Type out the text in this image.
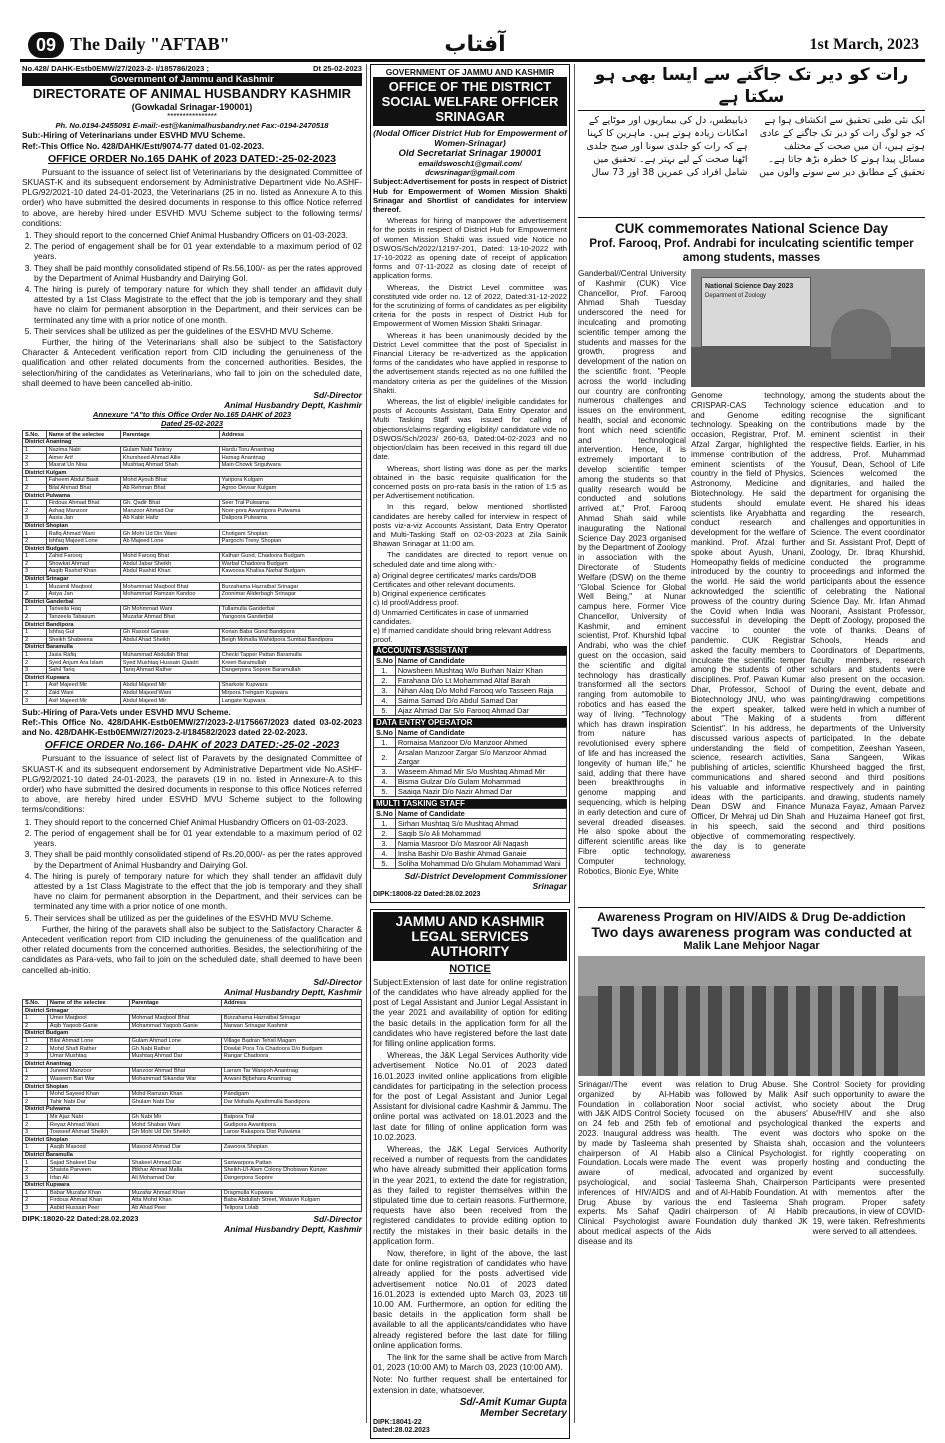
09 The Daily "AFTAB"	آفتاب	1st March, 2023
No.428/ DAHK-Estb0EMW/27/2023-2- I/185786/2023 ;	Dt 25-02-2023
Government of Jammu and Kashmir
DIRECTORATE OF ANIMAL HUSBANDRY KASHMIR
(Gowkadal Srinagar-190001)
****************
Ph. No.0194-2455091 E-mail:-est@kanimalhusbandry.net Fax:-0194-2470518
Sub:-Hiring of Veterinarians under ESVHD MVU Scheme.
Ref:-This Office No. 428/DAHK/Estt/9074-77 dated 01-02-2023.
OFFICE ORDER No.165 DAHK of 2023 DATED:-25-02-2023

Pursuant to the issuance of select list of Veterinarians by the designated Committee of SKUAST-K and its subsequent endorsement by Administrative Department vide No.ASHF-PLG/92/2021-10 dated 24-01-2023, the Veterinarians (25 in no. listed as Annexure A to this order) who have submitted the desired documents in response to this office Notice referred to above, are hereby hired under ESVHD MVU Scheme subject to the following terms/ conditions:

1. They should report to the concerned Chief Animal Husbandry Officers on 01-03-2023.
2. The period of engagement shall be for 01 year extendable to a maximum period of 02 years.
3. They shall be paid monthly consolidated stipend of Rs.56,100/- as per the rates approved by the Department of Animal Husbandry and Dairying GoI.
4. The hiring is purely of temporary nature for which they shall tender an affidavit duly attested by a 1st Class Magistrate to the effect that the job is temporary and they shall have no claim for permanent absorption in the Department, and their services can be terminated any time with a prior notice of one month.
5. Their services shall be utilized as per the guidelines of the ESVHD MVU Scheme.

Further, the hiring of the Veterinarians shall also be subject to the Satisfactory Character & Antecedent verification report from CID including the genuineness of the qualification and other related documents from the concerned authorities. Besides, the selection/hiring of the candidates as Veterinarians, who fail to join on the scheduled date, shall deemed to have been cancelled ab-initio.

Sd/-Director
Animal Husbandry Deptt, Kashmir
Annexure "A"to this Office Order No.165 DAHK of 2023
Dated 25-02-2023
S.No.	Name of the selectee	Parentage	Address
District Anantnag			
1	Nazima Nabi	Gulam Nabi Tantray	Hardu Toru Anantnag
2	Aimer Arif	Khursheed Ahmad Allie	Hamag Anantnag
3	Masrat Un Nisa	Mushtaq Ahmad Shah	Main Chowk Srigufwara
District Kulgam			
1	Faheem Abdul Basit	Mohd Ayoub Bhat	Yaripora Kulgam
2	Bilal Ahmad Bhat	Ab Rehman Bhat	Agroo Devsar Kulgam
District Pulwama			
1	Firdous Ahmad Bhat	Gh. Qadir Bhat	Seer Tral Pulwama
2	Ashaq Manzoor	Manzoor Ahmad Dar	Noor-pora Awantipora Pulwama
3	Aasia Jan	Ab Kabir Hafiz	Dalipora Pulwama
District Shopian			
1	Rafiq Ahmad Wani	Gh Mohi Ud Din Wani	Chotigam Shopian
2	Ishfaq Majeed Lone	Ab Majeed Lone	Pargochi Treny Shopian
District Budgam			
1	Zahid Farooq	Mohd Farooq Bhat	Kathair Gund, Chadoora Budgam
2	Showkat Ahmad	Abdul Jabar Sheikh	Warbal Chadoora Budgam
3	Aaqib Rashid Khan	Abdul Rashid Khan	Kawoosa Khalisa Narbal Budgam
District Srinagar			
1	Muzamil Maqbool	Mohammad Maqbool Bhat	Burzahama Hazratbal Srinagar
2	Asiya Jan	Mohammad Ramzan Kandoo	Zoonimar Aliderbagh Srinagar
District Ganderbal			
1	Tanveila Haq	Gh Mohmmad Wani	Tullamulla Ganderbal
2	Tanzeela Tabasum	Muzafar Ahmad Bhat	Yangoora Ganderbal
District Bandipora			
1	Ishfaq Gul	Gh Rasool Ganaie	Konan Baba Gund Bandipora
2	Sheikh Shabeena	Abdul Ahad Sheikh	Beigh Mohalla Wahidpora Sumbal Bandipora
District Baramulla			
1	Jasia Rafiq	Muhammad Abdullah Bhat	Checki Tapper Pattan Baramulla
2	Syed Anjum Ara Islam	Syed Mushtaq Hussain Qaadri	Kreeri Baramullah
3	Sahil Tariq	Tariq Ahmad Rather	Dangerpora Sopore Baramullah
District Kupwara			
1	Asif Majeed Mir	Abdul Majeed Mir	Sharkote Kupwara
2	Zaid Wani	Abdul Majeed Wani	Mirpora Trehgam Kupwara
3	Asif Majeed Mir	Abdul Majeed Mir	Langate Kupwara
Sub:-Hiring of Para-Vets under ESVHD MVU Scheme.
Ref:-This Office No. 428/DAHK-Estb0EMW/27/2023-2-I/175667/2023 dated 03-02-2023 and No. 428/DAHK-Estb0EMW/27/2023-2-I/184582/2023 dated 22-02-2023.
OFFICE ORDER No.166- DAHK of 2023 DATED:-25-02 -2023

Pursuant to the issuance of select list of Paravets by the designated Committee of SKUAST-K and its subsequent endorsement by Administrative Department vide No.ASHF-PLG/92/2021-10 dated 24-01-2023, the paravets (19 in no. listed in Annexure-A to this order) who have submitted the desired documents in response to this office Notices referred to above, are hereby hired under ESVHD MVU Scheme subject to the following terms/conditions:

1. They should report to the concerned Chief Animal Husbandry Officers on 01-03-2023.
2. The period of engagement shall be for 01 year extendable to a maximum period of 02 years.
3. They shall be paid monthly consolidated stipend of Rs.20,000/- as per the rates approved by the Department of Animal Husbandry and Dairying GoI.
4. The hiring is purely of temporary nature for which they shall tender an affidavit duly attested by a 1st Class Magistrate to the effect that the job is temporary and they shall have no claim for permanent absorption in the Department, and their services can be terminated any time with a prior notice of one month.
5. Their services shall be utilized as per the guidelines of the ESVHD MVU Scheme.

Further, the hiring of the paravets shall also be subject to the Satisfactory Character & Antecedent verification report from CID including the genuineness of the qualification and other related documents from the concerned authorities. Besides, the selection/hiring of the candidates as Para-vets, who fail to join on the scheduled date, shall deemed to have been cancelled ab-initio.

Sd/-Director
Animal Husbandry Deptt, Kashmir
S.No.	Name of the selectee	Parentage	Address
District Srinagar			
1	Umer Maqbool	Mohmad Maqbool Bhat	Burzahama Hazratbal Srinagar
2	Aqib Yaqoob Ganie	Mohammad Yaqoob Ganie	Narwan Srinagar Kashmir
District Budgam			
1	Bilal Ahmad Lone	Gulam Ahmad Lone	Village Badran Tehsil Magam
2	Mohd Shafi Rather	Gh Nabi Rather	Dowlat Pora T/a Chadoora D/o Budgam
3	Umar Mushtaq	Mushtaq Ahmad Dar	Rangar Chadoora
District Anantnag			
1	Juneed Manzoor	Manzoor Ahmad Bhat	Larram Tar Wanpoh Anantnag
2	Waseem Bari War	Mohammad Sikandar War	Arwani Bijbehara Anantnag
District Shopian			
1	Mohd Sayeed Khan	Mohd Ramzan Khan	Pandigam
2	Tahir Nabi Dar	Ghulam Nabi Dar	Dar Mohalla Ayathmulla Bandipora
District Pulwama			
1	Mir Ajaz Nabi	Gh Nabi Mir	Batpora Tral
2	Reyaz Ahmad Wani	Mohd Shaban Wani	Gudipora Awantipora
3	Towseef Ahmad Sheikh	Gh Mohi Ud Din Sheikh	Larow Rakapora Dist Pulwama
District Shopian			
1	Aaqib Masood	Masood Ahmad Dar	Zawoora Shopian
District Baramulla			
1	Sajad Shakeel Dar	Shakeel Ahmad Dar	Sariwarpora Pattan
2	Shaista Parveen	Iftikhar Ahmad Malla	Sheikh-Ul-Alam Colony Dhobiwan Kunzer
3	Irfan Ali	Ali Mohamad Dar	Dangerpora Sopore
District Kupwara			
1	Babar Muzafar Khan	Muzafar Ahmad Khan	Dragmulla Kupwara
2	Firdous Ahmad Khan	Atta Mohd Khan	Baba Abdullah Street, Watavin Kulgam
3	Aabid Hussain Peer	Ab Ahad Peer	Telipora Lolab
DIPK:18020-22 Dated:28.02.2023	Sd/-Director
Animal Husbandry Deptt, Kashmir
GOVERNMENT OF JAMMU AND KASHMIR
OFFICE OF THE DISTRICT SOCIAL WELFARE OFFICER SRINAGAR
(Nodal Officer District Hub for Empowerment of Women-Srinagar)
Old Secretariat Srinagar 190001
emaildswosch1@gmail.com/
dcwsrinagar@gmail.com

Subject:Advertisement for posts in respect of District Hub for Empowerment of Women Mission Shakti Srinagar and Shortlist of candidates for interview thereof.

Whereas for hiring of manpower the advertisement for the posts in respect of District Hub for Empowerment of women Mission Shakti was issued vide Notice no DSWOS/Sch/2022/12197-201, Dated: 13-10-2022 with 17-10-2022 as opening date of receipt of application forms and 07-11-2022 as closing date of receipt of application forms.

Whereas, the District Level committee was constituted vide order no. 12 of 2022, Dated:31-12-2022 for the scrutinizing of forms of candidates as per eligibility criteria for the posts in respect of District Hub for Empowerment of Women Mission Shakti Srinagar.

Whereas it has been unanimously decided by the District Level committee that the post of Specialist in Financial Literacy be re-advertized as the application forms of the candidates who have applied in response to the advertisement stands rejected as no one fulfilled the mandatory criteria as per the guidelines of the Mission Shakti.

Whereas, the list of eligible/ ineligible candidates for posts of Accounts Assistant, Data Entry Operator and Multi Tasking Staff was issued for calling of objections/claims regarding eligibility/ candidature vide no DSWOS/Sch/2023/ 260-63, Dated:04-02-2023 and no objection/claim has been received in this regard till due date.

Whereas, short listing was done as per the marks obtained in the basic requisite qualification for the concerned posts on pro-rata basis in the ration of 1:5 as per Advertisement notification.

In this regard, below mentioned shortlisted candidates are hereby called for interview in respect of posts viz-a-viz Accounts Assistant, Data Entry Operator and Multi-Tasking Staff on 02-03-2023 at Zila Sainik Bhawan Srinagar at 11:00 am.

The candidates are directed to report venue on scheduled date and time along with:-

a) Original degree certificates/ marks cards/DOB Certificates and other relevant documents.
b) Original experience certificates
c) Id proof/Address proof.
d) Unmarried Certificates in case of unmarried candidates.
e) If married candidate should bring relevant Address proof.
ACCOUNTS ASSISTANT
S.No	Name of Candidate
1.	Nowsheen Mushtaq W/o Burhan Naizr Khan
2.	Farahana D/o Lt Mohammad Altaf Barah
3.	Nihan Alaq D/o Mohd Farooq w/o Tasseen Raja
4.	Saima Samad D/o Abdul Samad Dar
5.	Ajaz Ahmad Dar S/o Farooq Ahmad Dar
DATA ENTRY OPERATOR
S.No	Name of Candidate
1.	Romaisa Manzoor D/o Manzoor Ahmed
2.	Arsalan Manzoor Zargar S/o Manzoor Ahmad Zargar
3.	Waseem Ahmad Mir S/o Mushtaq Ahmad Mir
4.	Bisma Gulzar D/o Gulam Mohammad
5.	Saaiqa Nazir D/o Nazir Ahmad Dar
MULTI TASKING STAFF
S.No	Name of Candidate
1.	Sirhan Mushtaq S/o Mushtaq Ahmad
2.	Saqib S/o Ali Mohammad
3.	Namia Masroor D/o Masroor Ali Naqash
4.	Insha Bashir D/o Bashir Ahmad Ganaie
5.	Soliha Mohammad D/o Ghulam Mohammad Wani
Sd/-District Development Commissioner Srinagar
DIPK:18008-22 Dated:28.02.2023
JAMMU AND KASHMIR LEGAL SERVICES AUTHORITY
NOTICE

Subject:Extension of last date for online registration of the candidates who have already applied for the post of Legal Assistant and Junior Legal Assistant in the year 2021 and availability of option for editing the basic details in the application form for all the candidates who have registered before the last date for filling online application forms.

Whereas, the J&K Legal Services Authority vide advertisement Notice No.01 of 2023 dated 16.01.2023 invited online applications from eligible candidates for participating in the selection process for the post of Legal Assistant and Junior Legal Assistant for divisional cadre Kashmir & Jammu. The online portal was activated on 18.01.2023 and the last date for filling of online application form was 10.02.2023.

Whereas, the J&K Legal Services Authority received a number of requests from the candidates who have already submitted their application forms in the year 2021, to extend the date for registration, as they failed to register themselves within the stipulated time due to certain reasons. Furthermore, requests have also been received from the registered candidates to provide editing option to rectify the mistakes in their basic details in the application form.

Now, therefore, in light of the above, the last date for online registration of candidates who have already applied for the posts advertised vide advertisement notice No.01 of 2023 dated 16.01.2023 is extended upto March 03, 2023 till 10.00 AM. Furthermore, an option for editing the basic details in the application form shall be available to all the applicants/candidates who have already registered before the last date for filling online application forms.

The link for the same shall be active from March 01, 2023 (10:00 AM) to March 03, 2023 (10:00 AM).

Note: No further request shall be entertained for extension in date, whatsoever.

Sd/-Amit Kumar Gupta
Member Secretary
DIPK:18041-22
Dated:28.02.2023
رات کو دیر تک جاگنے سے ایسا بھی ہو سکتا ہے
ایک نئی طبی تحقیق سے انکشاف ہوا ہے کہ جو لوگ رات کو دیر تک جاگنے کے عادی ہوتے ہیں، ان میں صحت کے مختلف مسائل پیدا ہونے کا خطرہ بڑھ جاتا ہے۔ تحقیق کے مطابق دیر سے سونے والوں میں ذیابیطس، دل کی بیماریوں اور موٹاپے کے امکانات زیادہ ہوتے ہیں۔ ماہرین کا کہنا ہے کہ رات کو جلدی سونا اور صبح جلدی اٹھنا صحت کے لیے بہتر ہے۔ تحقیق میں شامل افراد کی عمریں 38 اور 73 سال
CUK commemorates National Science Day
Prof. Farooq, Prof. Andrabi for inculcating scientific temper among students, masses
Ganderbal//Central University of Kashmir (CUK) Vice Chancellor, Prof. Farooq Ahmad Shah Tuesday underscored the need for inculcating and promoting scientific temper among the students and masses for the growth, progress and development of the nation on the scientific front. "People across the world including our country are confronting numerous challenges and issues on the environment, health, social and economic front which need scientific and technological intervention. Hence, it is extremely important to develop scientific temper among the students so that quality research would be conducted and solutions arrived at," Prof. Farooq Ahmad Shah said while inaugurating the National Science Day 2023 organised by the Department of Zoology in association with the Directorate of Students Welfare (DSW) on the theme "Global Science for Global Well Being," at Nunar campus here. Former Vice Chancellor, University of Kashmir, and eminent scientist, Prof. Khurshid Iqbal Andrabi, who was the chief guest on the occasion, said the scientific and digital technology has drastically transformed all the sectors ranging from automobile to robotics and has eased the way of living. "Technology which has drawn inspiration from nature has revolutionised every sphere of life and has increased the longevity of human life," he said, adding that there have been breakthroughs in genome mapping and sequencing, which is helping in early detection and cure of several dreaded diseases. He also spoke about the different scientific areas like Fibre optic technology, Computer technology, Robotics, Bionic Eye, White
National Science Day 2023
Department of Zoology
Genome technology, CRISPAR-CAS Technology and Genome editing technology. Speaking on the occasion, Registrar, Prof. M. Afzal Zargar, highlighted the immense contribution of the eminent scientists of the country in the field of Physics, Astronomy, Medicine and Biotechnology. He said the students should emulate scientists like Aryabhatta and conduct research and development for the welfare of mankind. Prof. Afzal further spoke about Ayush, Unani, Homeopathy fields of medicine introduced by the country to the world. He said the world acknowledged the scientific prowess of the country during the Covid when India was successful in developing the vaccine to counter the pandemic. CUK Registrar asked the faculty members to inculcate the scientific temper among the students of other disciplines. Prof. Pawan Kumar Dhar, Professor, School of Biotechnology JNU, who was the expert speaker, talked about "The Making of a Scientist". In his address, he discussed various aspects of understanding the field of science, research activities, publishing of articles, scientific communications and shared his valuable and informative ideas with the participants. Dean DSW and Finance Officer, Dr Mehraj ud Din Shah in his speech, said the objective of commemorating the day is to generate awareness
among the students about the science education and to recognise the significant contributions made by the eminent scientist in their respective fields. Earlier, in his address, Prof. Muhammad Yousuf, Dean, School of Life Sciences welcomed the dignitaries, and hailed the department for organising the event. He shared his ideas regarding the research, challenges and opportunities in Science. The event coordinator and Sr. Assistant Prof, Deptt of Zoology, Dr. Ibraq Khurshid, conducted the programme proceedings and informed the participants about the essence of celebrating the National Science Day. Mr. Irfan Ahmad Noorani, Assistant Professor, Deptt of Zoology, proposed the vote of thanks. Deans of Schools, Heads and Coordinators of Departments, faculty members, research scholars and students were also present on the occasion. During the event, debate and painting/drawing competitions were held in which a number of students from different departments of the University participated. In the debate competition, Zeeshan Yaseen, Sana Sangeen, Wikas Khursheed bagged the first, second and third positions respectively and in painting and drawing, students namely Munaza Fayaz, Amaan Parvez and Huzaima Haneef got first, second and third positions respectively.
Awareness Program on HIV/AIDS & Drug De-addiction
Two days awareness program was conducted at
Malik Lane Mehjoor Nagar
Srinagar//The event was organized by Al-Habib Foundation in collaboration with J&K AIDS Control Society on 24 feb and 25th feb of 2023. Inaugural address was by made by Tasleema shah chairperson of Al Habib Foundation. Locals were made aware of medical, psychological, and social inferences of HIV/AIDS and Drug Abuse by various experts. Ms Sahaf Qadiri Clinical Psychologist aware about medical aspects of the disease and its
relation to Drug Abuse. She was followed by Malik Asif Noor social activist, who focused on the abusers' emotional and psychological health. The event was presented by Shaista shah, also a Clinical Psychologist. The event was properly advocated and organized by Tasleema Shah, Chairperson and of Al-Habib Foundation. At the end Tasleema Shah chairperson of Al Habib Foundation duly thanked JK Aids
Control Society for providing such opportunity to aware the society about the Drug Abuse/HIV and she also thanked the experts and doctors who spoke on the occasion and the volunteers for rightly cooperating on hosting and conducting the event successfully. Participants were presented with mementos after the program. Proper safety precautions, in view of COVID-19, were taken. Refreshments were served to all attendees.
